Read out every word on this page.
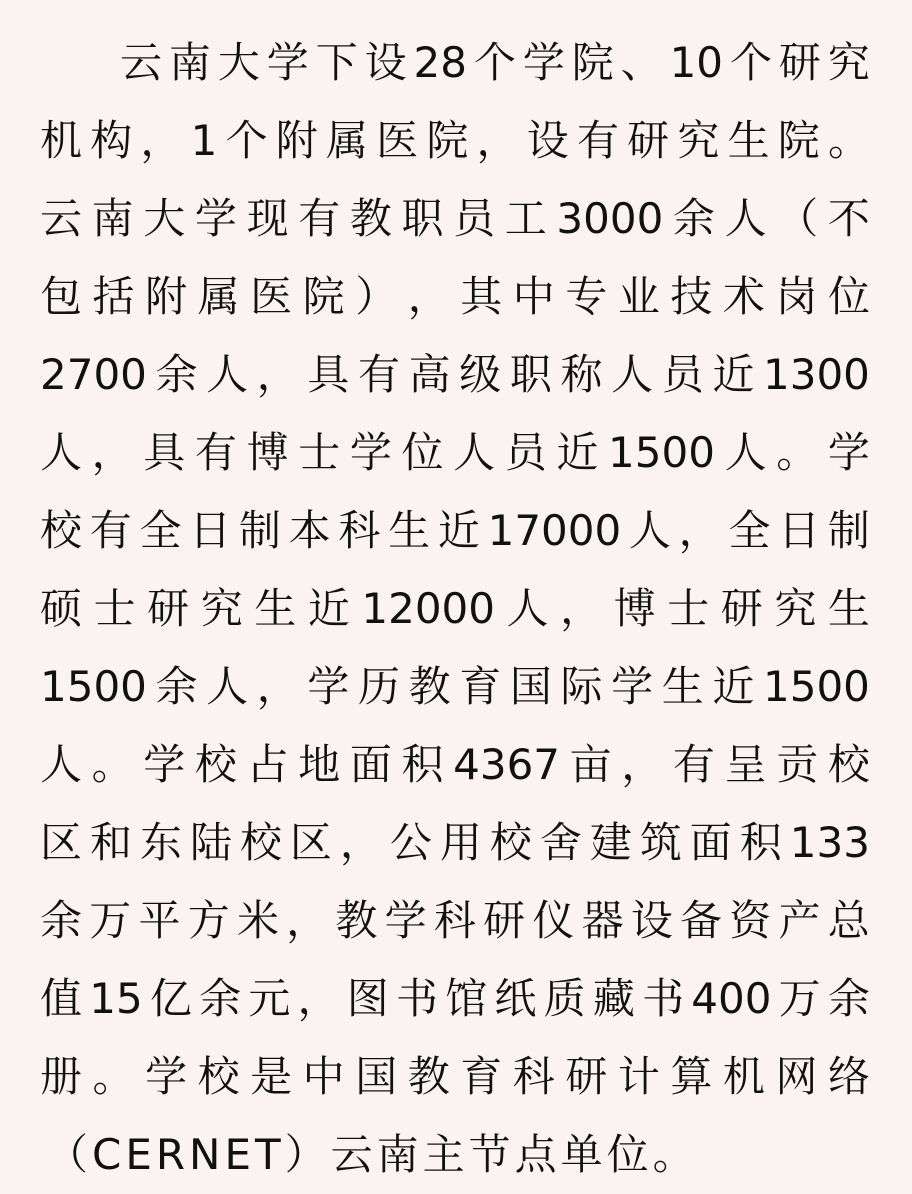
云 南 大 学 下 设 28 个 学 院 、 10 个 研 究
机 构 ， 1 个 附 属 医 院 ， 设 有 研 究 生 院 。
云 南 大 学 现 有 教 职 员 工 3000 余 人 （ 不
包 括 附 属 医 院 ） ， 其 中 专 业 技 术 岗 位
2700 余 人 ， 具 有 高 级 职 称 人 员 近 1300
人 ， 具 有 博 士 学 位 人 员 近 1500 人 。 学
校 有 全 日 制 本 科 生 近 17000 人 ， 全 日 制
硕 士 研 究 生 近 12000 人 ， 博 士 研 究 生
1500 余 人 ， 学 历 教 育 国 际 学 生 近 1500
人 。 学 校 占 地 面 积 4367 亩 ， 有 呈 贡 校
区 和 东 陆 校 区 ， 公 用 校 舍 建 筑 面 积 133
余 万 平 方 米 ， 教 学 科 研 仪 器 设 备 资 产 总
值 15 亿 余 元 ， 图 书 馆 纸 质 藏 书 400 万 余
册 。 学 校 是 中 国 教 育 科 研 计 算 机 网 络
（CERNET）云南主节点单位。
